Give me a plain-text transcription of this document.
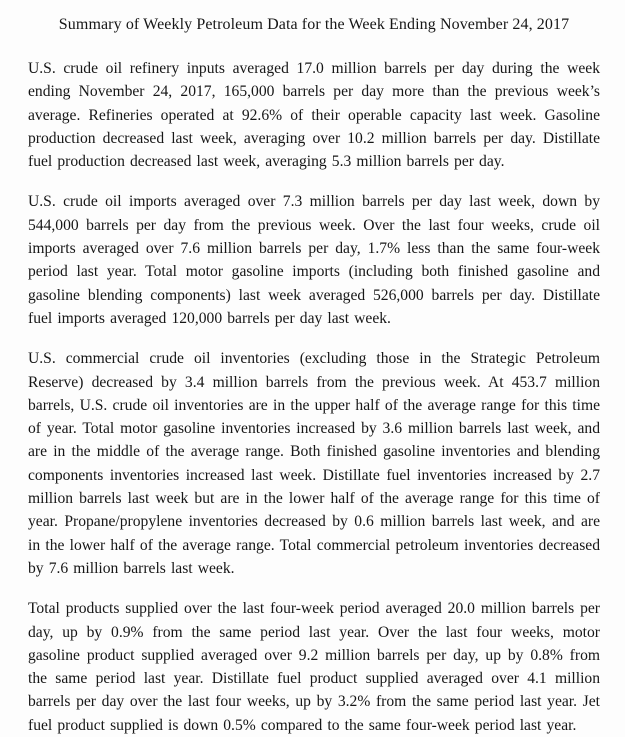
Summary of Weekly Petroleum Data for the Week Ending November 24, 2017

U.S. crude oil refinery inputs averaged 17.0 million barrels per day during the week ending November 24, 2017, 165,000 barrels per day more than the previous week’s average. Refineries operated at 92.6% of their operable capacity last week. Gasoline production decreased last week, averaging over 10.2 million barrels per day. Distillate fuel production decreased last week, averaging 5.3 million barrels per day.

U.S. crude oil imports averaged over 7.3 million barrels per day last week, down by 544,000 barrels per day from the previous week. Over the last four weeks, crude oil imports averaged over 7.6 million barrels per day, 1.7% less than the same four-week period last year. Total motor gasoline imports (including both finished gasoline and gasoline blending components) last week averaged 526,000 barrels per day. Distillate fuel imports averaged 120,000 barrels per day last week.

U.S. commercial crude oil inventories (excluding those in the Strategic Petroleum Reserve) decreased by 3.4 million barrels from the previous week. At 453.7 million barrels, U.S. crude oil inventories are in the upper half of the average range for this time of year. Total motor gasoline inventories increased by 3.6 million barrels last week, and are in the middle of the average range. Both finished gasoline inventories and blending components inventories increased last week. Distillate fuel inventories increased by 2.7 million barrels last week but are in the lower half of the average range for this time of year. Propane/propylene inventories decreased by 0.6 million barrels last week, and are in the lower half of the average range. Total commercial petroleum inventories decreased by 7.6 million barrels last week.

Total products supplied over the last four-week period averaged 20.0 million barrels per day, up by 0.9% from the same period last year. Over the last four weeks, motor gasoline product supplied averaged over 9.2 million barrels per day, up by 0.8% from the same period last year. Distillate fuel product supplied averaged over 4.1 million barrels per day over the last four weeks, up by 3.2% from the same period last year. Jet fuel product supplied is down 0.5% compared to the same four-week period last year.
